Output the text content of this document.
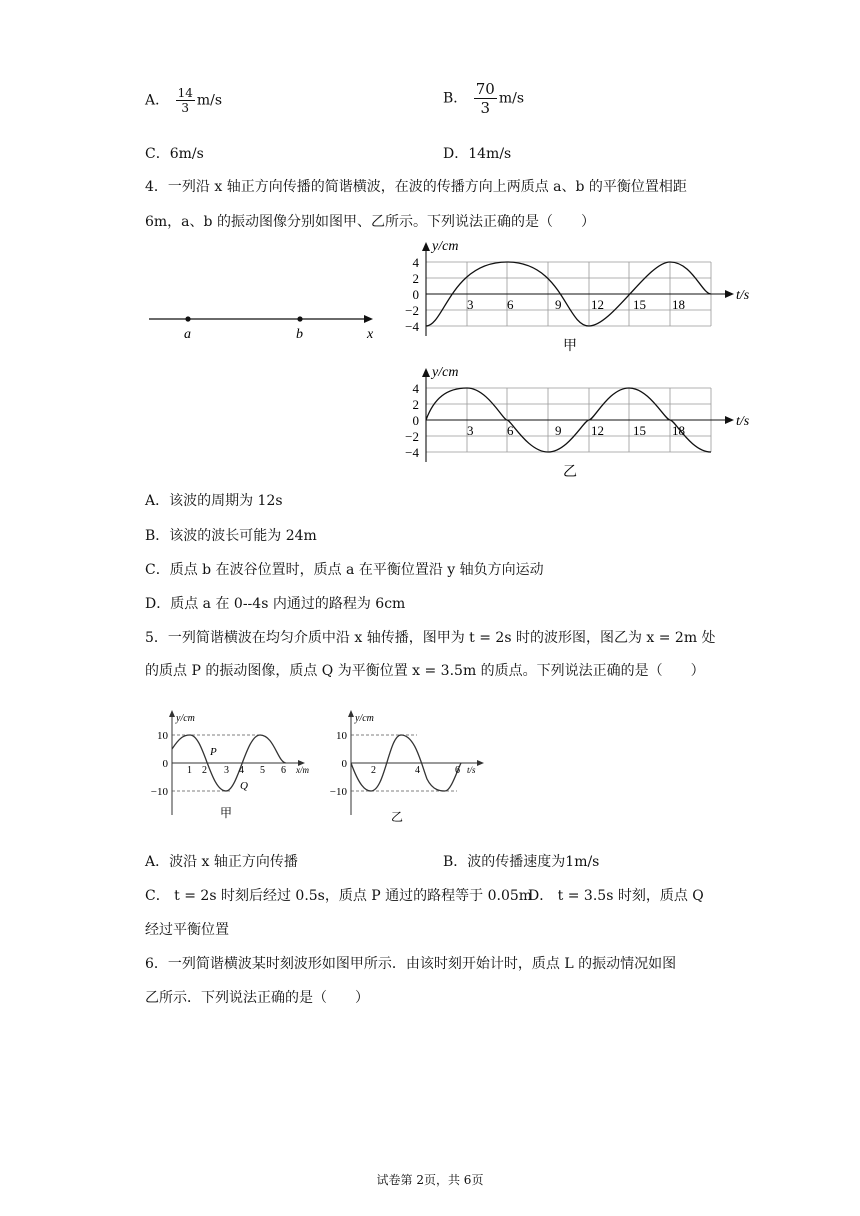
A． $\frac{14}{3} m/s$	B． $\frac{70}{3} m/s$
C．6m/s	D．14m/s
4．一列沿 x 轴正方向传播的简谐横波，在波的传播方向上两质点 a、b 的平衡位置相距
6m，a、b 的振动图像分别如图甲、乙所示。下列说法正确的是（　　）
a	b	x
y/cm
t/s
4
2
0
−2
−4
3	6	9 12 15 18
甲
y/cm
t/s
4
2
0
−2
−4
3	6	9 12 15 18
乙
A．该波的周期为 12s
B．该波的波长可能为 24m
C．质点 b 在波谷位置时，质点 a 在平衡位置沿 y 轴负方向运动
D．质点 a 在 0--4s 内通过的路程为 6cm
5．一列简谐横波在均匀介质中沿 x 轴传播，图甲为 t = 2s 时的波形图，图乙为 x = 2m 处
的质点 P 的振动图像，质点 Q 为平衡位置 x = 3.5m 的质点。下列说法正确的是（　　）
y/cm
x/m
10
0
−10
1 2 3 4 5 6
P
Q
甲
y/cm
t/s
10
0
−10
2	4	6
乙
A．波沿 x 轴正方向传播	B．波的传播速度为1m/s
C． t = 2s 时刻后经过 0.5s，质点 P 通过的路程等于 0.05m
D． t = 3.5s 时刻，质点 Q
经过平衡位置
6．一列简谐横波某时刻波形如图甲所示．由该时刻开始计时，质点 L 的振动情况如图
乙所示．下列说法正确的是（　　）
试卷第 2页，共 6页
